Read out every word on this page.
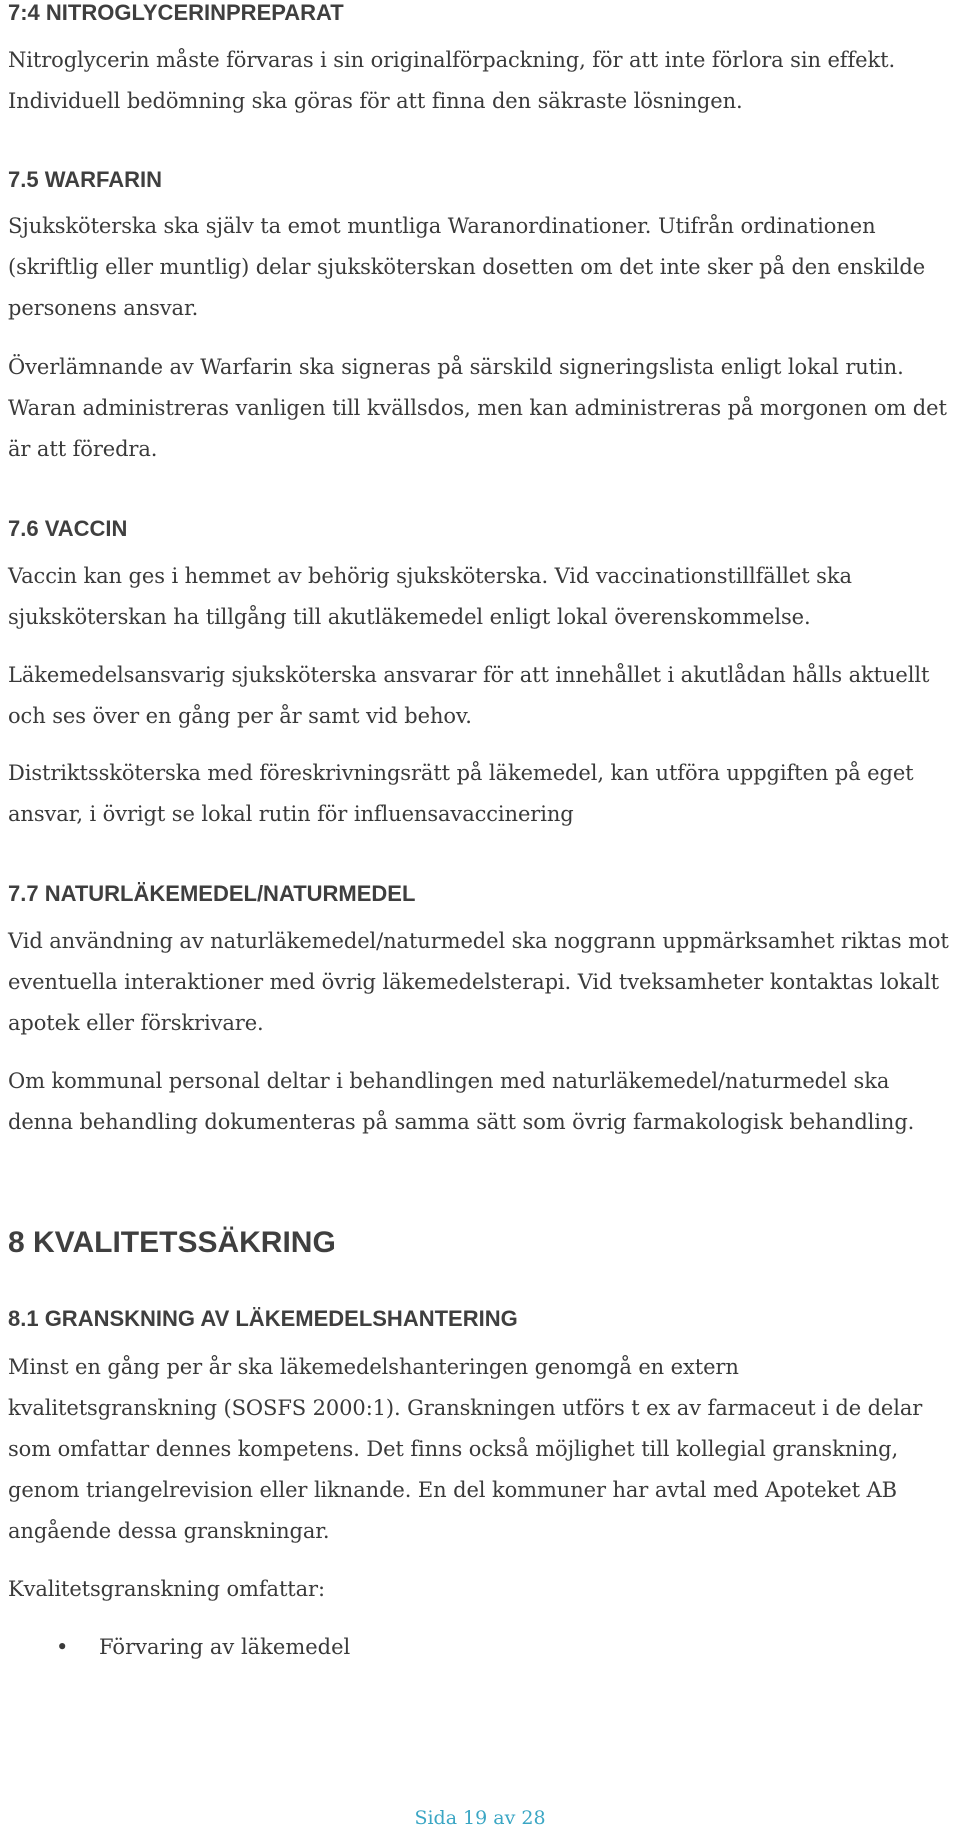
7:4 NITROGLYCERINPREPARAT

Nitroglycerin måste förvaras i sin originalförpackning, för att inte förlora sin effekt. Individuell bedömning ska göras för att finna den säkraste lösningen.

7.5 WARFARIN

Sjuksköterska ska själv ta emot muntliga Waranordinationer. Utifrån ordinationen (skriftlig eller muntlig) delar sjuksköterskan dosetten om det inte sker på den enskilde personens ansvar.

Överlämnande av Warfarin ska signeras på särskild signeringslista enligt lokal rutin. Waran administreras vanligen till kvällsdos, men kan administreras på morgonen om det är att föredra.

7.6 VACCIN

Vaccin kan ges i hemmet av behörig sjuksköterska. Vid vaccinationstillfället ska sjuksköterskan ha tillgång till akutläkemedel enligt lokal överenskommelse.

Läkemedelsansvarig sjuksköterska ansvarar för att innehållet i akutlådan hålls aktuellt och ses över en gång per år samt vid behov.

Distriktssköterska med föreskrivningsrätt på läkemedel, kan utföra uppgiften på eget ansvar, i övrigt se lokal rutin för influensavaccinering

7.7 NATURLÄKEMEDEL/NATURMEDEL

Vid användning av naturläkemedel/naturmedel ska noggrann uppmärksamhet riktas mot eventuella interaktioner med övrig läkemedelsterapi. Vid tveksamheter kontaktas lokalt apotek eller förskrivare.

Om kommunal personal deltar i behandlingen med naturläkemedel/naturmedel ska denna behandling dokumenteras på samma sätt som övrig farmakologisk behandling.

8 KVALITETSSÄKRING
8.1 GRANSKNING AV LÄKEMEDELSHANTERING

Minst en gång per år ska läkemedelshanteringen genomgå en extern kvalitetsgranskning (SOSFS 2000:1). Granskningen utförs t ex av farmaceut i de delar som omfattar dennes kompetens. Det finns också möjlighet till kollegial granskning, genom triangelrevision eller liknande. En del kommuner har avtal med Apoteket AB angående dessa granskningar.

Kvalitetsgranskning omfattar:

• Förvaring av läkemedel
Sida 19 av 28
